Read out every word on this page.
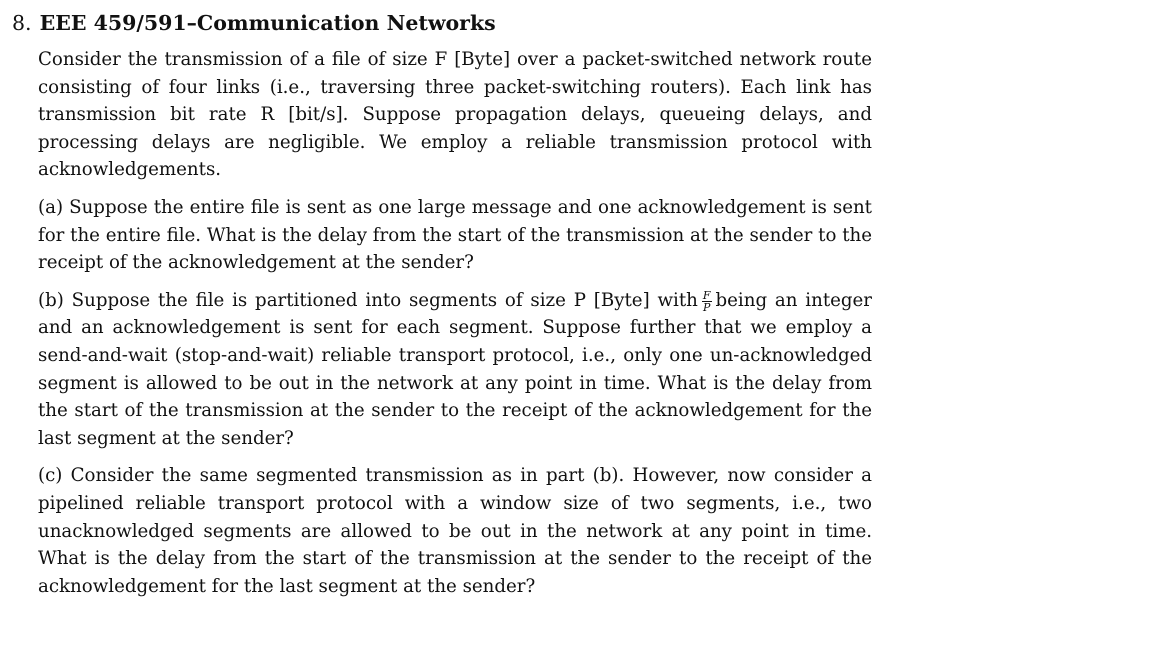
8. EEE 459/591–Communication Networks

Consider the transmission of a file of size F [Byte] over a packet-switched network route consisting of four links (i.e., traversing three packet-switching routers). Each link has transmission bit rate R [bit/s]. Suppose propagation delays, queueing delays, and processing delays are negligible. We employ a reliable transmission protocol with acknowledgements.

(a) Suppose the entire file is sent as one large message and one acknowledgement is sent for the entire file. What is the delay from the start of the transmission at the sender to the receipt of the acknowledgement at the sender?

(b) Suppose the file is partitioned into segments of size P [Byte] with $\frac{F}{P}$ being an integer and an acknowledgement is sent for each segment. Suppose further that we employ a send-and-wait (stop-and-wait) reliable transport protocol, i.e., only one un-acknowledged segment is allowed to be out in the network at any point in time. What is the delay from the start of the transmission at the sender to the receipt of the acknowledgement for the last segment at the sender?

(c) Consider the same segmented transmission as in part (b). However, now consider a pipelined reliable transport protocol with a window size of two segments, i.e., two unacknowledged segments are allowed to be out in the network at any point in time. What is the delay from the start of the transmission at the sender to the receipt of the acknowledgement for the last segment at the sender?
